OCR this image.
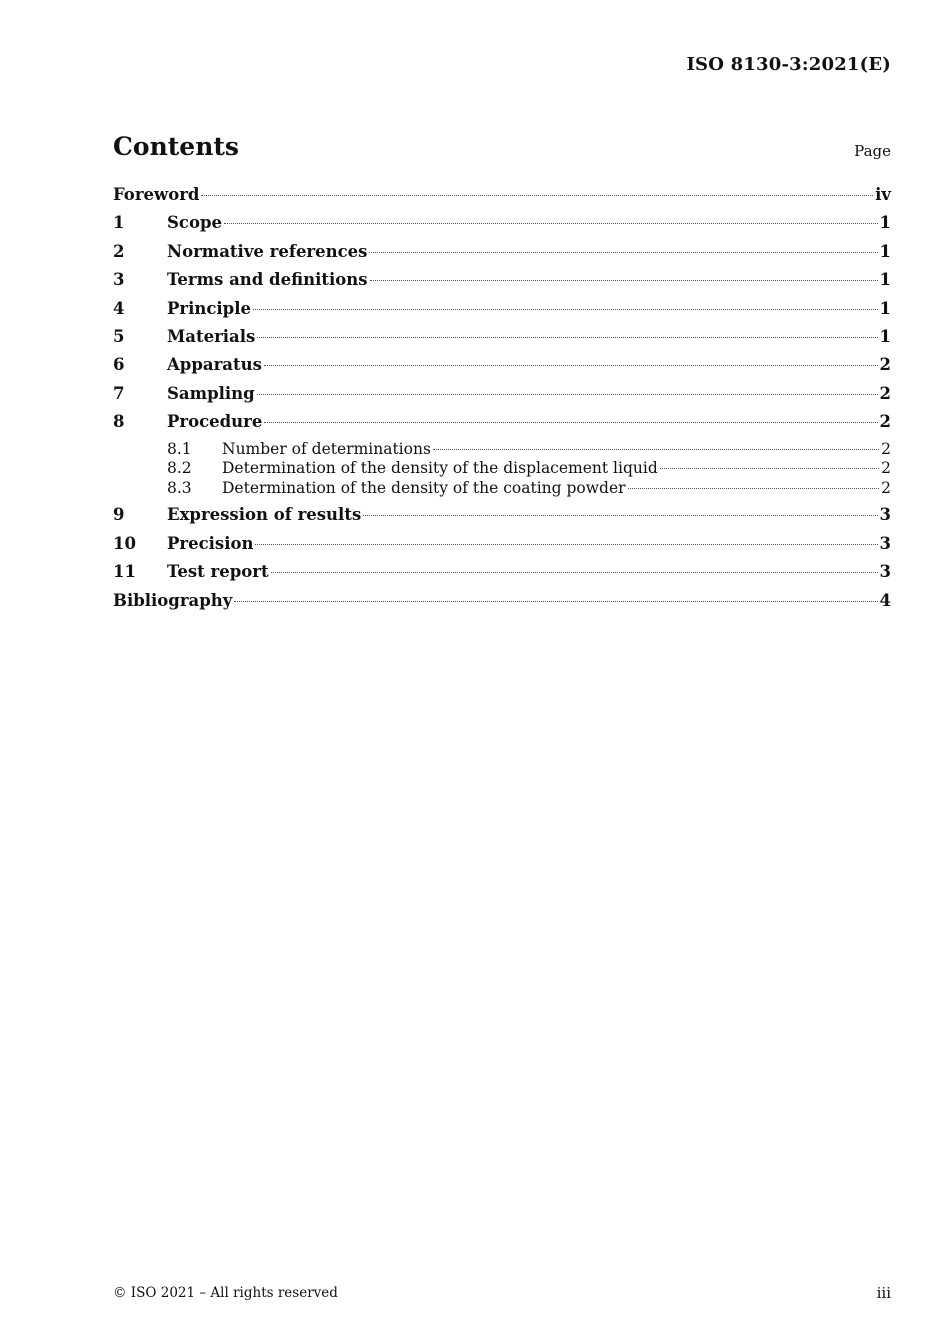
ISO 8130-3:2021(E)
Contents	Page
Foreword	iv
1	Scope	1
2	Normative references	1
3	Terms and definitions	1
4	Principle	1
5	Materials	1
6	Apparatus	2
7	Sampling	2
8	Procedure	2
8.1	Number of determinations	2
8.2	Determination of the density of the displacement liquid	2
8.3	Determination of the density of the coating powder	2
9	Expression of results	3
10	Precision	3
11	Test report	3
Bibliography	4
© ISO 2021 – All rights reserved	iii
